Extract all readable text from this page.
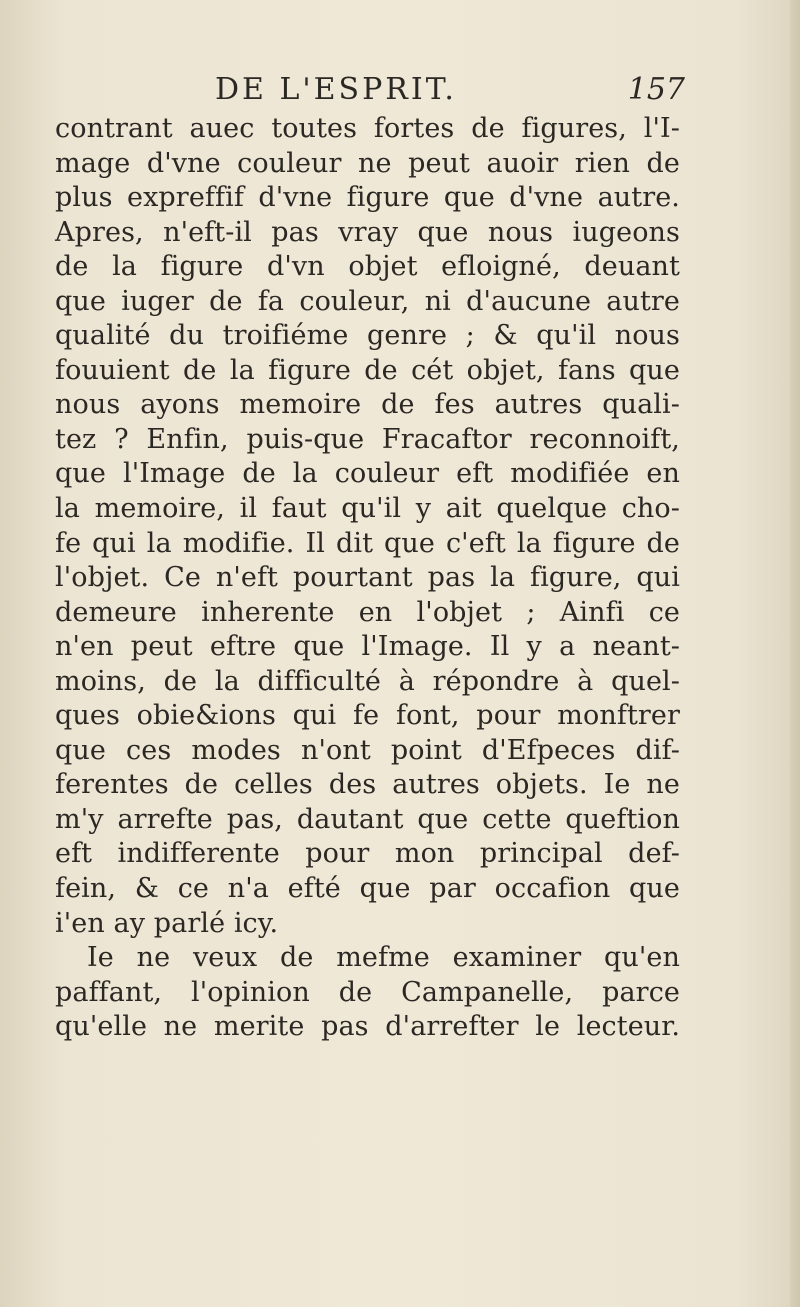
DE L'ESPRIT.	157
contrant auec toutes fortes de figures, l'I-
mage d'vne couleur ne peut auoir rien de
plus expreffif d'vne figure que d'vne autre.
Apres, n'eft-il pas vray que nous iugeons
de la figure d'vn objet efloigné, deuant
que iuger de fa couleur, ni d'aucune autre
qualité du troifiéme genre ; & qu'il nous
fouuient de la figure de cét objet, fans que
nous ayons memoire de fes autres quali-
tez ? Enfin, puis-que Fracaftor reconnoift,
que l'Image de la couleur eft modifiée en
la memoire, il faut qu'il y ait quelque cho-
fe qui la modifie. Il dit que c'eft la figure de
l'objet. Ce n'eft pourtant pas la figure, qui
demeure inherente en l'objet ; Ainfi ce
n'en peut eftre que l'Image. Il y a neant-
moins, de la difficulté à répondre à quel-
ques obie&ions qui fe font, pour monftrer
que ces modes n'ont point d'Efpeces dif-
ferentes de celles des autres objets. Ie ne
m'y arrefte pas, dautant que cette queftion
eft indifferente pour mon principal def-
fein, & ce n'a efté que par occafion que
i'en ay parlé icy.
Ie ne veux de mefme examiner qu'en
paffant, l'opinion de Campanelle, parce
qu'elle ne merite pas d'arrefter le lecteur.
